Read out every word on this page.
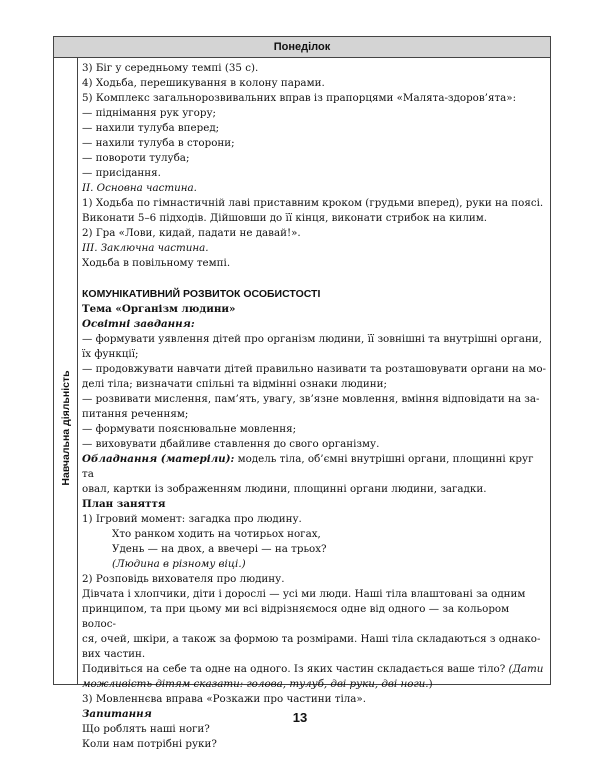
Понеділок
Навчальна діяльність

3) Біг у середньому темпі (35 с).

4) Ходьба, перешикування в колону парами.

5) Комплекс загальнорозвивальних вправ із прапорцями «Малята-здоров’ята»:

— піднімання рук угору;

— нахили тулуба вперед;

— нахили тулуба в сторони;

— повороти тулуба;

— присідання.

ІІ. Основна частина.

1) Ходьба по гімнастичній лаві приставним кроком (грудьми вперед), руки на поясі.

Виконати 5–6 підходів. Дійшовши до її кінця, виконати стрибок на килим.

2) Гра «Лови, кидай, падати не давай!».

ІІІ. Заключна частина.

Ходьба в повільному темпі.

КОМУНІКАТИВНИЙ РОЗВИТОК ОСОБИСТОСТІ

Тема «Організм людини»

Освітні завдання:

— формувати уявлення дітей про організм людини, її зовнішні та внутрішні органи,

їх функції;

— продовжувати навчати дітей правильно називати та розташовувати органи на мо-

делі тіла; визначати спільні та відмінні ознаки людини;

— розвивати мислення, пам’ять, увагу, зв’язне мовлення, вміння відповідати на за-

питання реченням;

— формувати пояснювальне мовлення;

— виховувати дбайливе ставлення до свого організму.

Обладнання (матеріли): модель тіла, об’ємні внутрішні органи, площинні круг та

овал, картки із зображенням людини, площинні органи людини, загадки.

План заняття

1) Ігровий момент: загадка про людину.

Хто ранком ходить на чотирьох ногах,

Удень — на двох, а ввечері — на трьох?

(Людина в різному віці.)

2) Розповідь вихователя про людину.

Дівчата і хлопчики, діти і дорослі — усі ми люди. Наші тіла влаштовані за одним

принципом, та при цьому ми всі відрізняємося одне від одного — за кольором волос-

ся, очей, шкіри, а також за формою та розмірами. Наші тіла складаються з однако-

вих частин.

Подивіться на себе та одне на одного. Із яких частин складається ваше тіло? (Дати

можливість дітям сказати: голова, тулуб, дві руки, дві ноги.)

3) Мовленнєва вправа «Розкажи про частини тіла».

Запитання

Що роблять наші ноги?

Коли нам потрібні руки?

13
